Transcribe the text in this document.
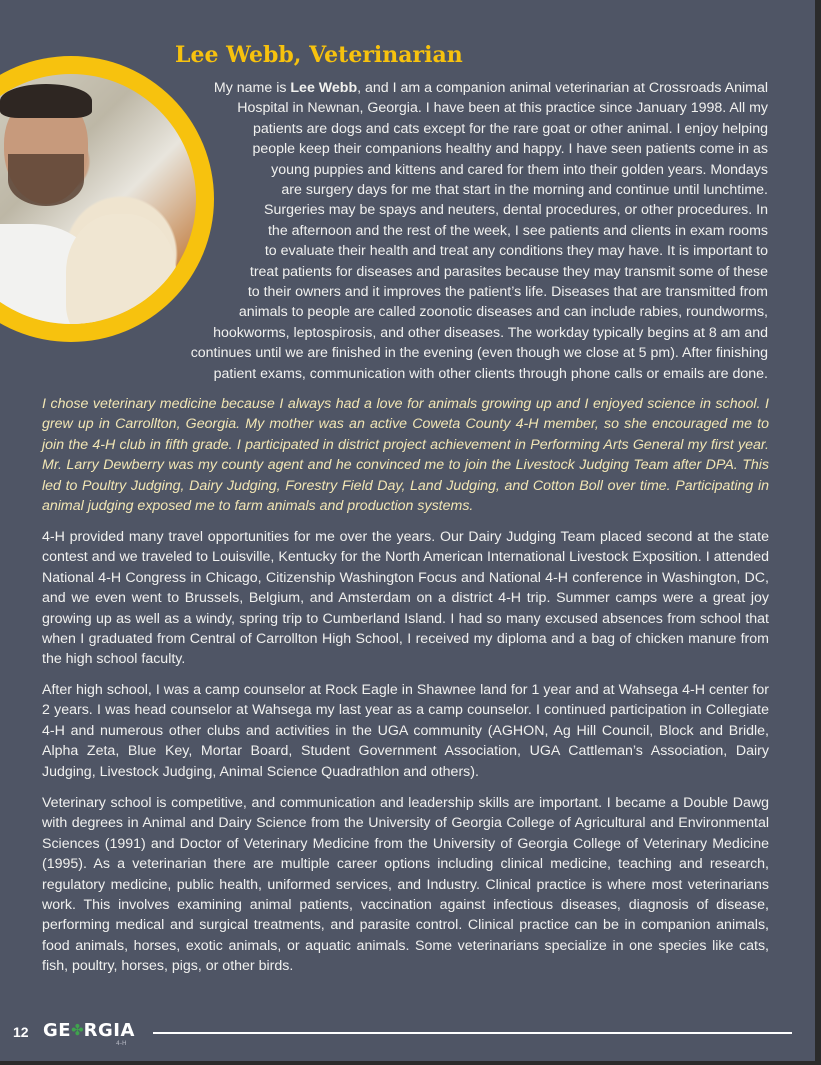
Lee Webb, Veterinarian
My name is Lee Webb, and I am a companion animal veterinarian at Crossroads Animal
Hospital in Newnan, Georgia. I have been at this practice since January 1998. All my
patients are dogs and cats except for the rare goat or other animal. I enjoy helping
people keep their companions healthy and happy. I have seen patients come in as
young puppies and kittens and cared for them into their golden years. Mondays
are surgery days for me that start in the morning and continue until lunchtime.
Surgeries may be spays and neuters, dental procedures, or other procedures. In
the afternoon and the rest of the week, I see patients and clients in exam rooms
to evaluate their health and treat any conditions they may have. It is important to
treat patients for diseases and parasites because they may transmit some of these
to their owners and it improves the patient’s life. Diseases that are transmitted from
animals to people are called zoonotic diseases and can include rabies, roundworms,
hookworms, leptospirosis, and other diseases. The workday typically begins at 8 am and
continues until we are finished in the evening (even though we close at 5 pm). After finishing
patient exams, communication with other clients through phone calls or emails are done.

I chose veterinary medicine because I always had a love for animals growing up and I enjoyed science in school. I grew up in Carrollton, Georgia. My mother was an active Coweta County 4-H member, so she encouraged me to join the 4-H club in fifth grade. I participated in district project achievement in Performing Arts General my first year. Mr. Larry Dewberry was my county agent and he convinced me to join the Livestock Judging Team after DPA. This led to Poultry Judging, Dairy Judging, Forestry Field Day, Land Judging, and Cotton Boll over time. Participating in animal judging exposed me to farm animals and production systems.

4-H provided many travel opportunities for me over the years. Our Dairy Judging Team placed second at the state contest and we traveled to Louisville, Kentucky for the North American International Livestock Exposition. I attended National 4-H Congress in Chicago, Citizenship Washington Focus and National 4-H conference in Washington, DC, and we even went to Brussels, Belgium, and Amsterdam on a district 4-H trip. Summer camps were a great joy growing up as well as a windy, spring trip to Cumberland Island. I had so many excused absences from school that when I graduated from Central of Carrollton High School, I received my diploma and a bag of chicken manure from the high school faculty.

After high school, I was a camp counselor at Rock Eagle in Shawnee land for 1 year and at Wahsega 4-H center for 2 years. I was head counselor at Wahsega my last year as a camp counselor. I continued participation in Collegiate 4-H and numerous other clubs and activities in the UGA community (AGHON, Ag Hill Council, Block and Bridle, Alpha Zeta, Blue Key, Mortar Board, Student Government Association, UGA Cattleman’s Association, Dairy Judging, Livestock Judging, Animal Science Quadrathlon and others).

Veterinary school is competitive, and communication and leadership skills are important. I became a Double Dawg with degrees in Animal and Dairy Science from the University of Georgia College of Agricultural and Environmental Sciences (1991) and Doctor of Veterinary Medicine from the University of Georgia College of Veterinary Medicine (1995). As a veterinarian there are multiple career options including clinical medicine, teaching and research, regulatory medicine, public health, uniformed services, and Industry. Clinical practice is where most veterinarians work. This involves examining animal patients, vaccination against infectious diseases, diagnosis of disease, performing medical and surgical treatments, and parasite control. Clinical practice can be in companion animals, food animals, horses, exotic animals, or aquatic animals. Some veterinarians specialize in one species like cats, fish, poultry, horses, pigs, or other birds.

12 GE✤RGIA
4-H
